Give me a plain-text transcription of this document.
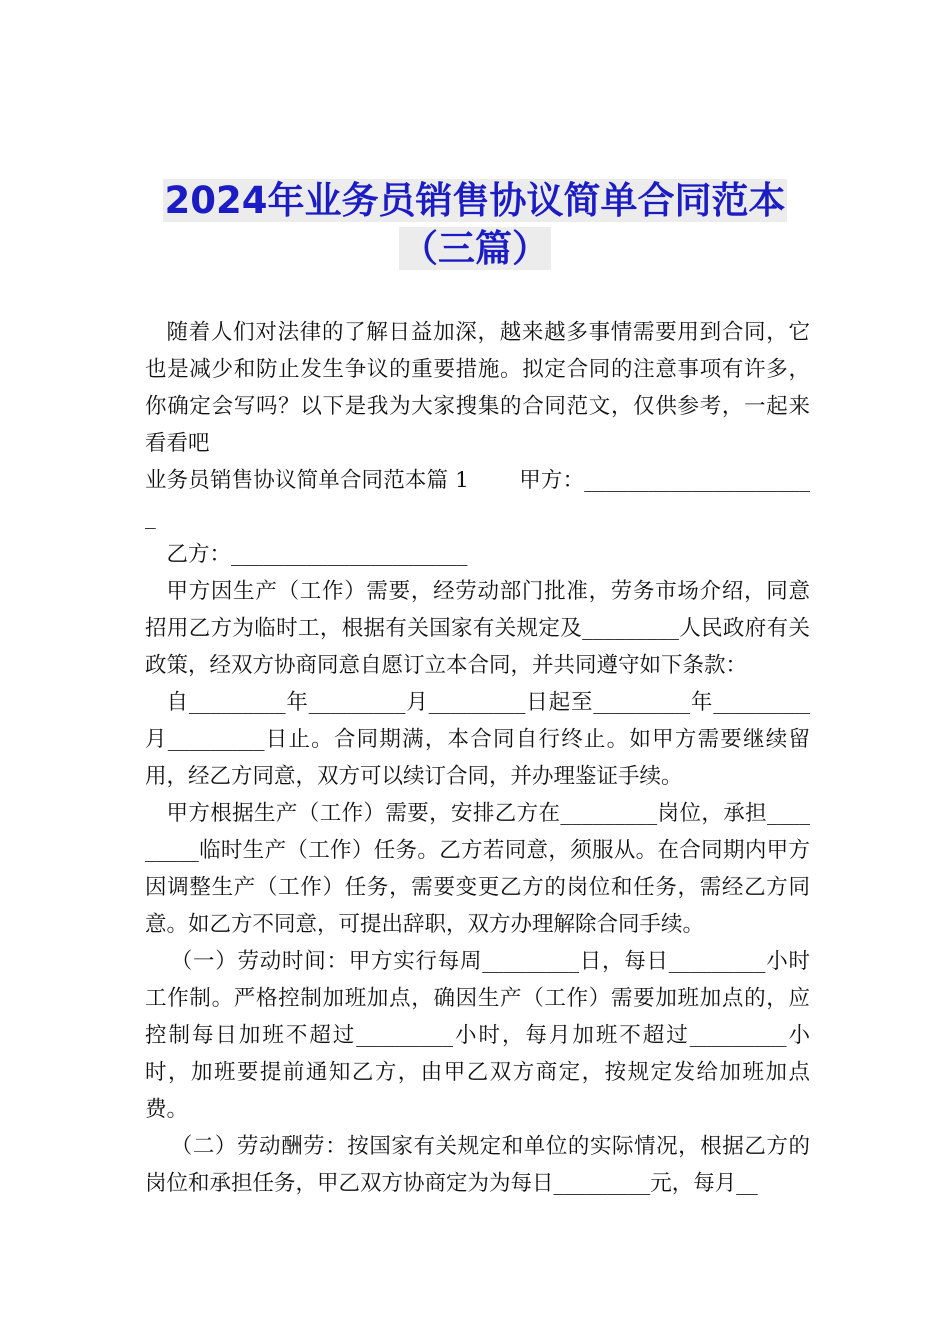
2024年业务员销售协议简单合同范本
（三篇）

随着人们对法律的了解日益加深，越来越多事情需要用到合同，它也是减少和防止发生争议的重要措施。拟定合同的注意事项有许多，你确定会写吗？以下是我为大家搜集的合同范文，仅供参考，一起来看看吧

业务员销售协议简单合同范本篇 1　　 甲方：______________________

乙方：______________________

甲方因生产（工作）需要，经劳动部门批准，劳务市场介绍，同意招用乙方为临时工，根据有关国家有关规定及_________人民政府有关政策，经双方协商同意自愿订立本合同，并共同遵守如下条款：

自_________年_________月_________日起至_________年_________月_________日止。合同期满，本合同自行终止。如甲方需要继续留用，经乙方同意，双方可以续订合同，并办理鉴证手续。

甲方根据生产（工作）需要，安排乙方在_________岗位，承担_________临时生产（工作）任务。乙方若同意，须服从。在合同期内甲方因调整生产（工作）任务，需要变更乙方的岗位和任务，需经乙方同意。如乙方不同意，可提出辞职，双方办理解除合同手续。

（一）劳动时间：甲方实行每周_________日，每日_________小时工作制。严格控制加班加点，确因生产（工作）需要加班加点的，应控制每日加班不超过_________小时，每月加班不超过_________小时，加班要提前通知乙方，由甲乙双方商定，按规定发给加班加点费。

（二）劳动酬劳：按国家有关规定和单位的实际情况，根据乙方的岗位和承担任务，甲乙双方协商定为为每日_________元，每月__
